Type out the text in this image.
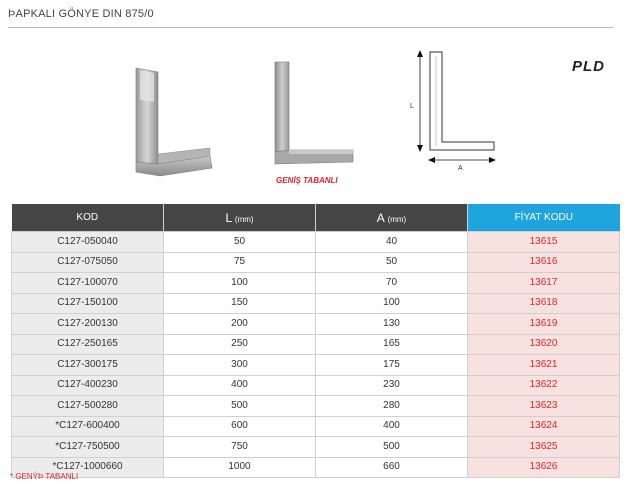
ÞAPKALI GÖNYE DIN 875/0
GENİŞ TABANLI
L
A
PLD
KOD	L (mm)	A (mm)	FİYAT KODU
C127-050040	50	40	13615
C127-075050	75	50	13616
C127-100070	100	70	13617
C127-150100	150	100	13618
C127-200130	200	130	13619
C127-250165	250	165	13620
C127-300175	300	175	13621
C127-400230	400	230	13622
C127-500280	500	280	13623
*C127-600400	600	400	13624
*C127-750500	750	500	13625
*C127-1000660	1000	660	13626
* GENÝÞ TABANLI
